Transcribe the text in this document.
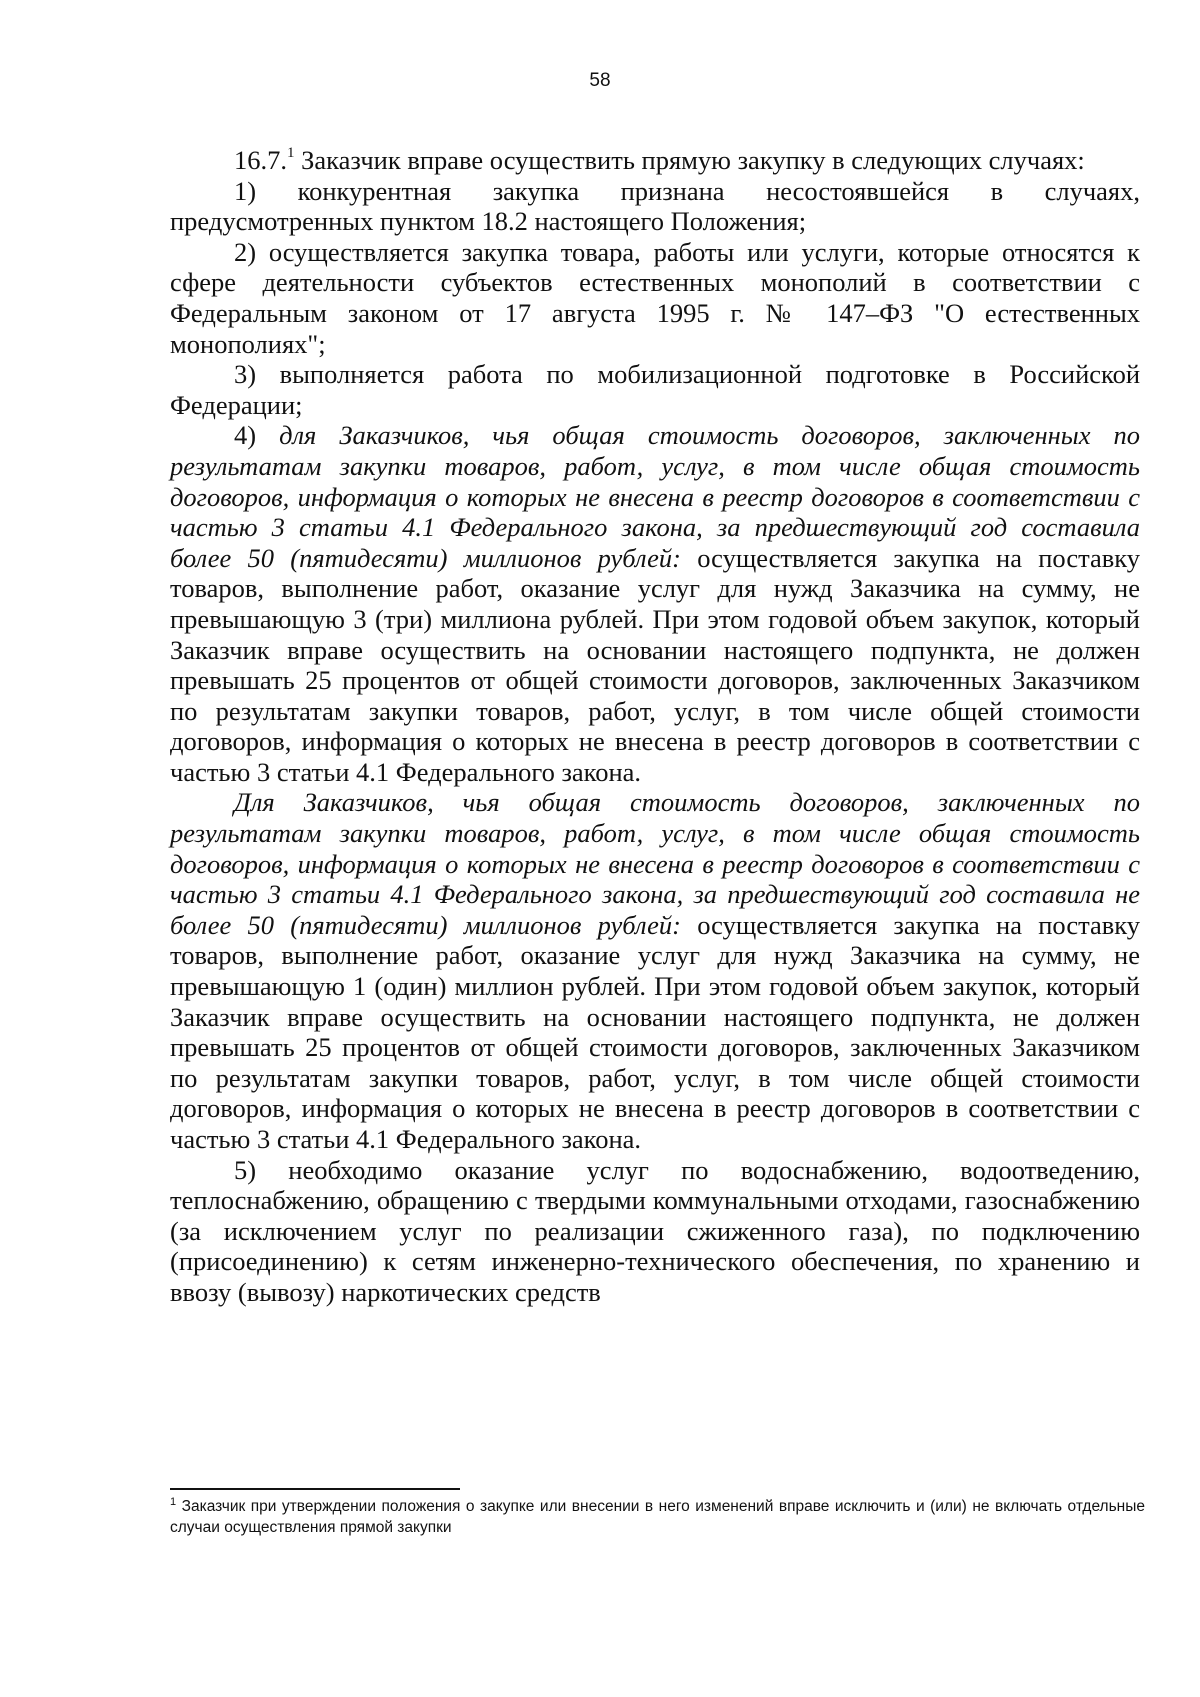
58

16.7.$^1$ Заказчик вправе осуществить прямую закупку в следующих случаях:

1) конкурентная закупка признана несостоявшейся в случаях, предусмотренных пунктом 18.2 настоящего Положения;

2) осуществляется закупка товара, работы или услуги, которые относятся к сфере деятельности субъектов естественных монополий в соответствии с Федеральным законом от 17 августа 1995 г. № 147–ФЗ "О естественных монополиях";

3) выполняется работа по мобилизационной подготовке в Российской Федерации;

4) для Заказчиков, чья общая стоимость договоров, заключенных по результатам закупки товаров, работ, услуг, в том числе общая стоимость договоров, информация о которых не внесена в реестр договоров в соответствии с частью 3 статьи 4.1 Федерального закона, за предшествующий год составила более 50 (пятидесяти) миллионов рублей: осуществляется закупка на поставку товаров, выполнение работ, оказание услуг для нужд Заказчика на сумму, не превышающую 3 (три) миллиона рублей. При этом годовой объем закупок, который Заказчик вправе осуществить на основании настоящего подпункта, не должен превышать 25 процентов от общей стоимости договоров, заключенных Заказчиком по результатам закупки товаров, работ, услуг, в том числе общей стоимости договоров, информация о которых не внесена в реестр договоров в соответствии с частью 3 статьи 4.1 Федерального закона.

Для Заказчиков, чья общая стоимость договоров, заключенных по результатам закупки товаров, работ, услуг, в том числе общая стоимость договоров, информация о которых не внесена в реестр договоров в соответствии с частью 3 статьи 4.1 Федерального закона, за предшествующий год составила не более 50 (пятидесяти) миллионов рублей: осуществляется закупка на поставку товаров, выполнение работ, оказание услуг для нужд Заказчика на сумму, не превышающую 1 (один) миллион рублей. При этом годовой объем закупок, который Заказчик вправе осуществить на основании настоящего подпункта, не должен превышать 25 процентов от общей стоимости договоров, заключенных Заказчиком по результатам закупки товаров, работ, услуг, в том числе общей стоимости договоров, информация о которых не внесена в реестр договоров в соответствии с частью 3 статьи 4.1 Федерального закона.

5) необходимо оказание услуг по водоснабжению, водоотведению, теплоснабжению, обращению с твердыми коммунальными отходами, газоснабжению (за исключением услуг по реализации сжиженного газа), по подключению (присоединению) к сетям инженерно-технического обеспечения, по хранению и ввозу (вывозу) наркотических средств

$^1$ Заказчик при утверждении положения о закупке или внесении в него изменений вправе исключить и (или) не включать отдельные случаи осуществления прямой закупки
